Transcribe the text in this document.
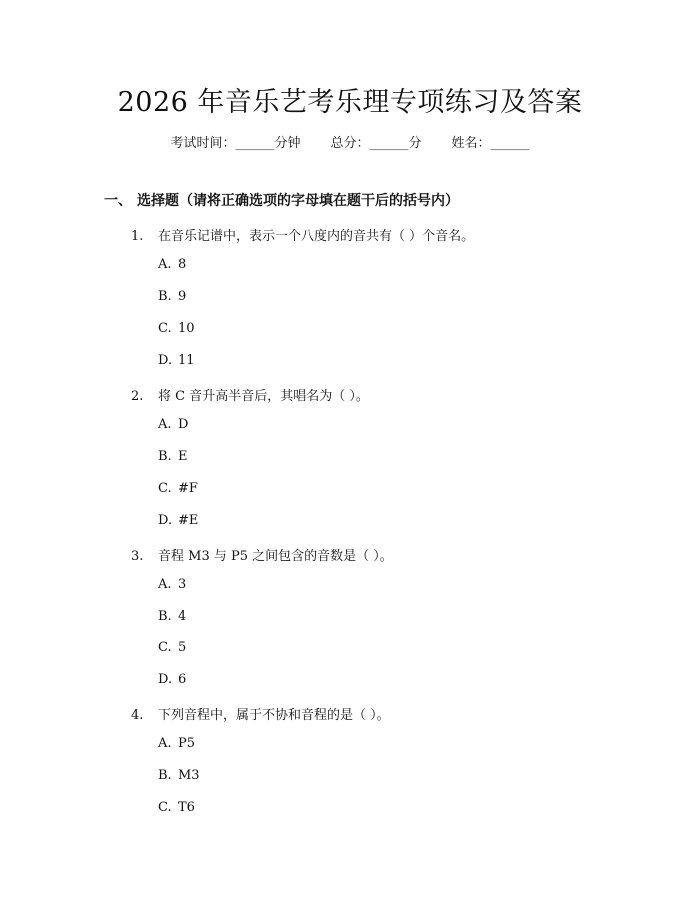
2026 年音乐艺考乐理专项练习及答案
考试时间：______分钟 总分：______分 姓名：______
一、 选择题（请将正确选项的字母填在题干后的括号内）
1. 在音乐记谱中，表示一个八度内的音共有（ ）个音名。
A. 8
B. 9
C. 10
D. 11
2. 将 C 音升高半音后，其唱名为（ ）。
A. D
B. E
C. #F
D. #E
3. 音程 M3 与 P5 之间包含的音数是（ ）。
A. 3
B. 4
C. 5
D. 6
4. 下列音程中，属于不协和音程的是（ ）。
A. P5
B. M3
C. T6
